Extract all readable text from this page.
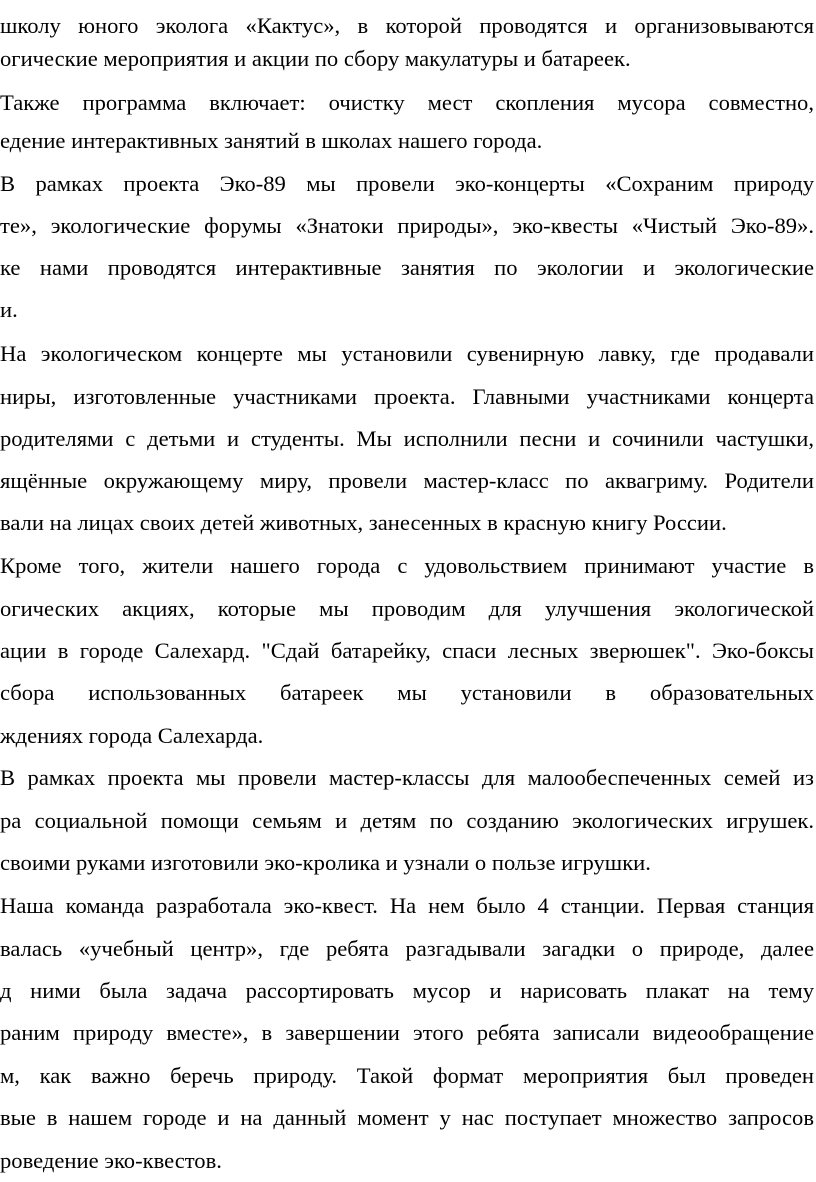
школу юного эколога «Кактус», в которой проводятся и организовываются
огические мероприятия и акции по сбору макулатуры и батареек.
Также программа включает: очистку мест скопления мусора совместно,
едение интерактивных занятий в школах нашего города.
В рамках проекта Эко-89 мы провели эко-концерты «Сохраним природу
те», экологические форумы «Знатоки природы», эко-квесты «Чистый Эко-89».
ке нами проводятся интерактивные занятия по экологии и экологические
и.
На экологическом концерте мы установили сувенирную лавку, где продавали
ниры, изготовленные участниками проекта. Главными участниками концерта
родителями с детьми и студенты. Мы исполнили песни и сочинили частушки,
ящённые окружающему миру, провели мастер-класс по аквагриму. Родители
вали на лицах своих детей животных, занесенных в красную книгу России.
Кроме того, жители нашего города с удовольствием принимают участие в
огических акциях, которые мы проводим для улучшения экологической
ации в городе Салехард. "Сдай батарейку, спаси лесных зверюшек". Эко-боксы
сбора использованных батареек мы установили в образовательных
ждениях города Салехарда.
В рамках проекта мы провели мастер-классы для малообеспеченных семей из
ра социальной помощи семьям и детям по созданию экологических игрушек.
своими руками изготовили эко-кролика и узнали о пользе игрушки.
Наша команда разработала эко-квест. На нем было 4 станции. Первая станция
валась «учебный центр», где ребята разгадывали загадки о природе, далее
д ними была задача рассортировать мусор и нарисовать плакат на тему
раним природу вместе», в завершении этого ребята записали видеообращение
м, как важно беречь природу. Такой формат мероприятия был проведен
вые в нашем городе и на данный момент у нас поступает множество запросов
роведение эко-квестов.
